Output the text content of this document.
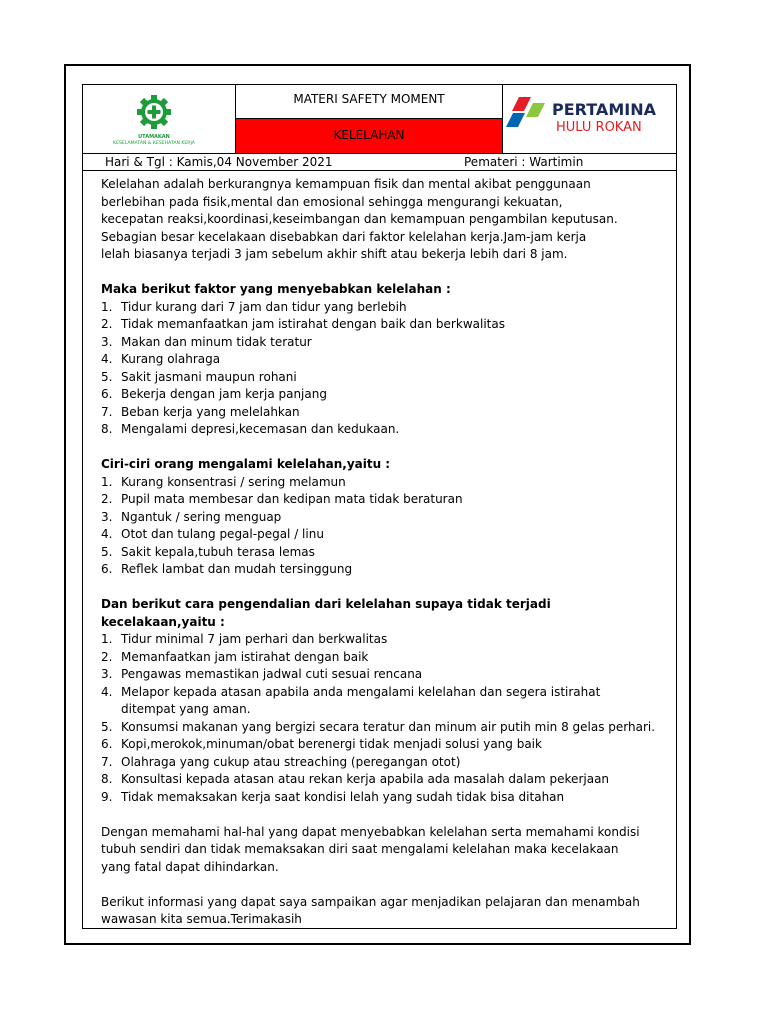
UTAMAKAN
KESELAMATAN & KESEHATAN KERJA
MATERI SAFETY MOMENT
KELELAHAN
PERTAMINA
HULU ROKAN
Hari & Tgl : Kamis,04 November 2021	Pemateri : Wartimin

Kelelahan adalah berkurangnya kemampuan fisik dan mental akibat penggunaan

berlebihan pada fisik,mental dan emosional sehingga mengurangi kekuatan,

kecepatan reaksi,koordinasi,keseimbangan dan kemampuan pengambilan keputusan.

Sebagian besar kecelakaan disebabkan dari faktor kelelahan kerja.Jam-jam kerja

lelah biasanya terjadi 3 jam sebelum akhir shift atau bekerja lebih dari 8 jam.

Maka berikut faktor yang menyebabkan kelelahan :

1. Tidur kurang dari 7 jam dan tidur yang berlebih
2. Tidak memanfaatkan jam istirahat dengan baik dan berkwalitas
3. Makan dan minum tidak teratur
4. Kurang olahraga
5. Sakit jasmani maupun rohani
6. Bekerja dengan jam kerja panjang
7. Beban kerja yang melelahkan
8. Mengalami depresi,kecemasan dan kedukaan.

Ciri-ciri orang mengalami kelelahan,yaitu :

1. Kurang konsentrasi / sering melamun
2. Pupil mata membesar dan kedipan mata tidak beraturan
3. Ngantuk / sering menguap
4. Otot dan tulang pegal-pegal / linu
5. Sakit kepala,tubuh terasa lemas
6. Reflek lambat dan mudah tersinggung

Dan berikut cara pengendalian dari kelelahan supaya tidak terjadi kecelakaan,yaitu :

1. Tidur minimal 7 jam perhari dan berkwalitas
2. Memanfaatkan jam istirahat dengan baik
3. Pengawas memastikan jadwal cuti sesuai rencana
4. Melapor kepada atasan apabila anda mengalami kelelahan dan segera istirahat
ditempat yang aman.
5. Konsumsi makanan yang bergizi secara teratur dan minum air putih min 8 gelas perhari.
6. Kopi,merokok,minuman/obat berenergi tidak menjadi solusi yang baik
7. Olahraga yang cukup atau streaching (peregangan otot)
8. Konsultasi kepada atasan atau rekan kerja apabila ada masalah dalam pekerjaan
9. Tidak memaksakan kerja saat kondisi lelah yang sudah tidak bisa ditahan

Dengan memahami hal-hal yang dapat menyebabkan kelelahan serta memahami kondisi

tubuh sendiri dan tidak memaksakan diri saat mengalami kelelahan maka kecelakaan

yang fatal dapat dihindarkan.

Berikut informasi yang dapat saya sampaikan agar menjadikan pelajaran dan menambah

wawasan kita semua.Terimakasih
